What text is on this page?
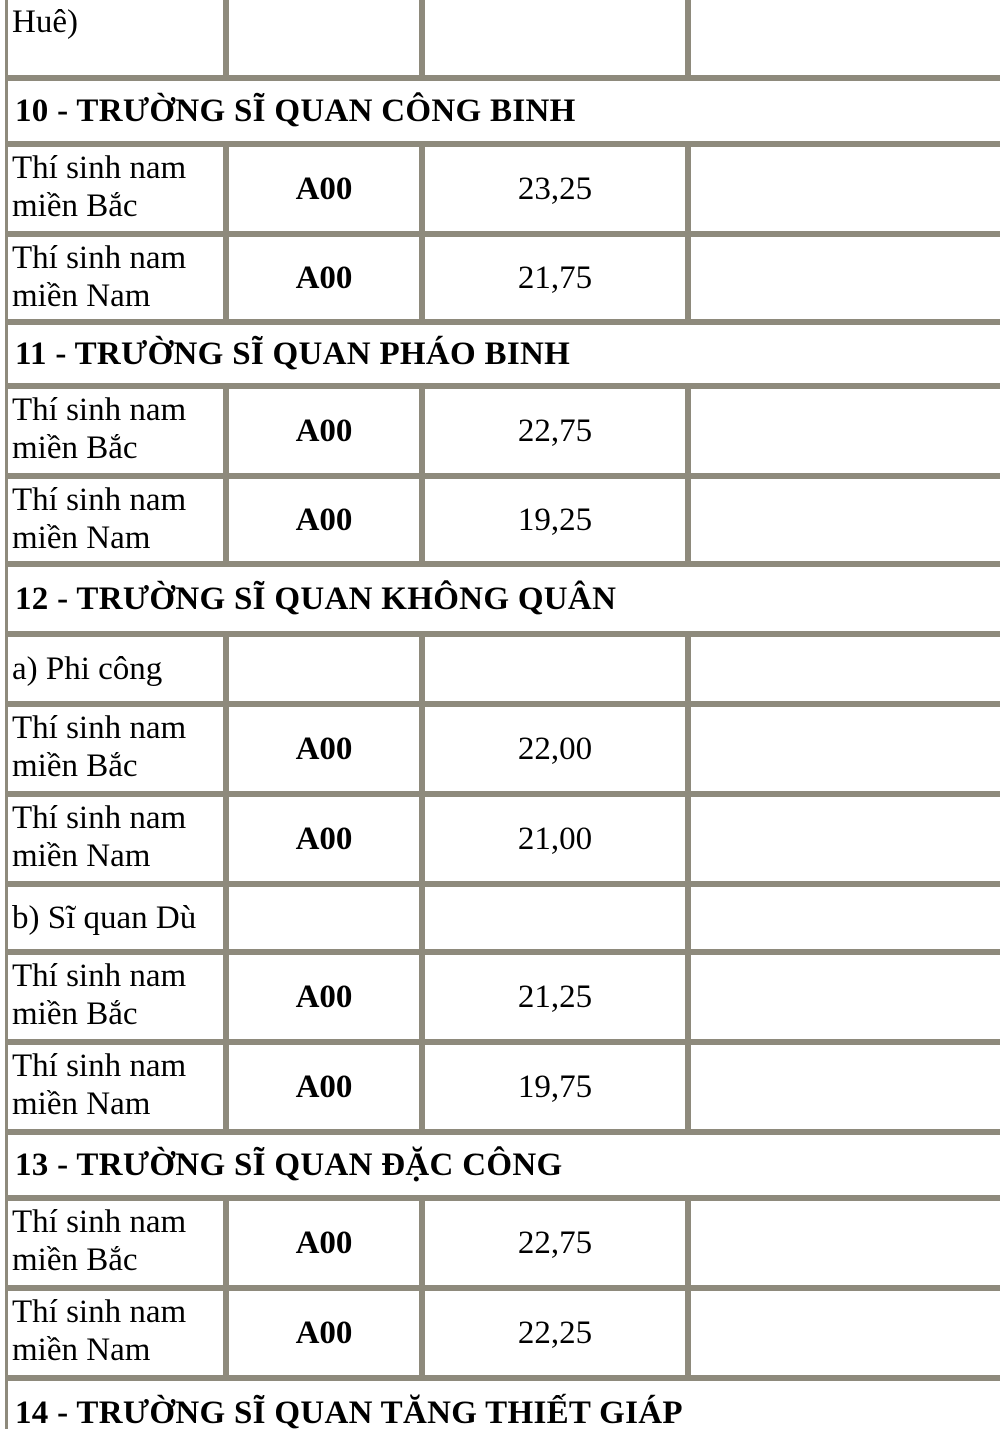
Huê)
10 - TRƯỜNG SĨ QUAN CÔNG BINH
Thí sinh nam
miền Bắc	A00	23,25
Thí sinh nam
miền Nam	A00	21,75
11 - TRƯỜNG SĨ QUAN PHÁO BINH
Thí sinh nam
miền Bắc	A00	22,75
Thí sinh nam
miền Nam	A00	19,25
12 - TRƯỜNG SĨ QUAN KHÔNG QUÂN
a) Phi công
Thí sinh nam
miền Bắc	A00	22,00
Thí sinh nam
miền Nam	A00	21,00
b) Sĩ quan Dù
Thí sinh nam
miền Bắc	A00	21,25
Thí sinh nam
miền Nam	A00	19,75
13 - TRƯỜNG SĨ QUAN ĐẶC CÔNG
Thí sinh nam
miền Bắc	A00	22,75
Thí sinh nam
miền Nam	A00	22,25
14 - TRƯỜNG SĨ QUAN TĂNG THIẾT GIÁP
